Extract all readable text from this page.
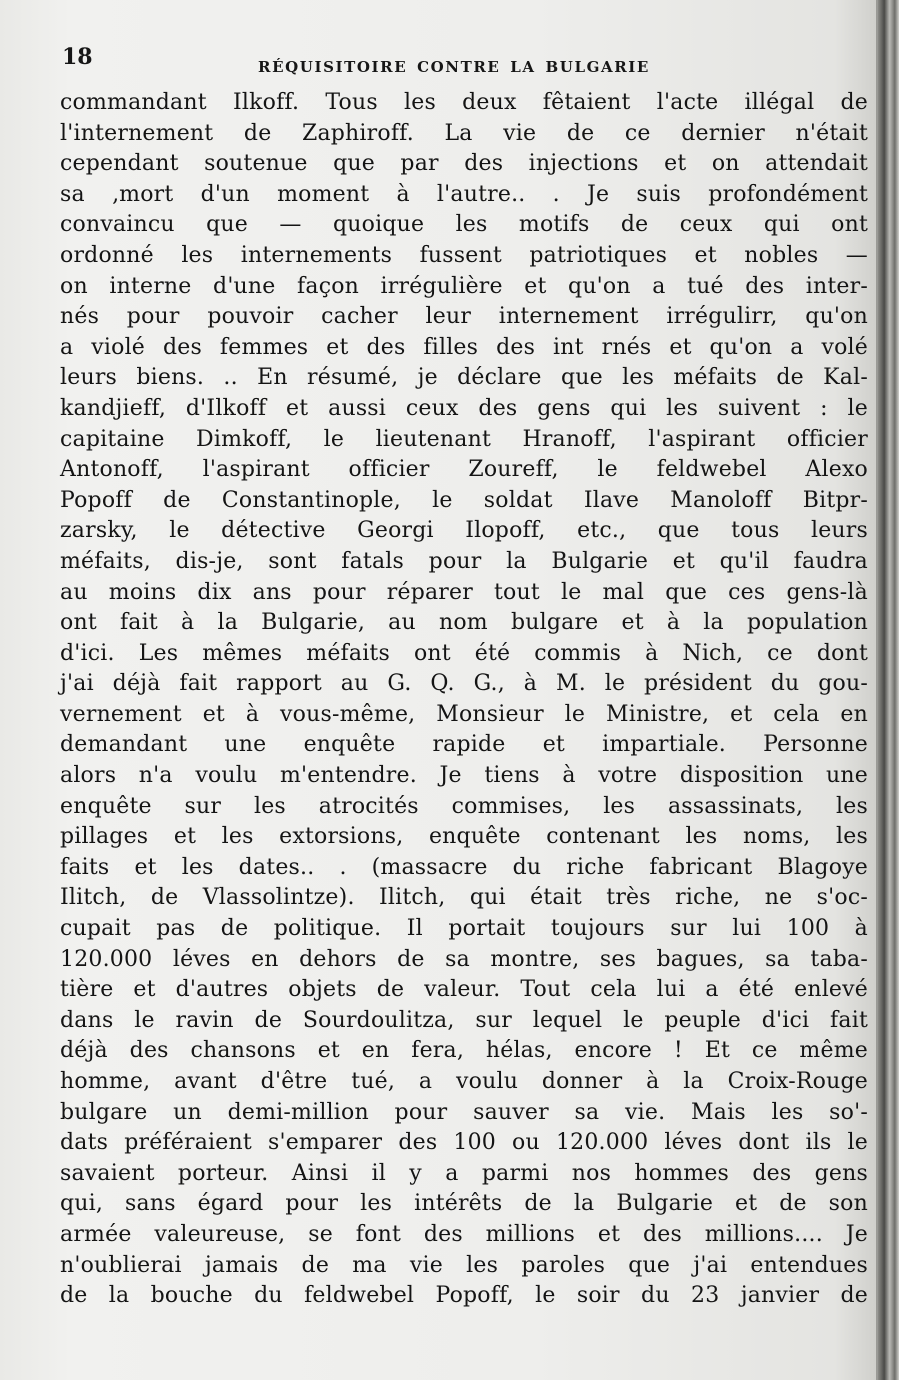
18	RÉQUISITOIRE CONTRE LA BULGARIE
commandant Ilkoff. Tous les deux fêtaient l'acte illégal de
l'internement de Zaphiroff. La vie de ce dernier n'était
cependant soutenue que par des injections et on attendait
sa ‚mort d'un moment à l'autre.. . Je suis profondément
convaincu que — quoique les motifs de ceux qui ont
ordonné les internements fussent patriotiques et nobles —
on interne d'une façon irrégulière et qu'on a tué des inter-
nés pour pouvoir cacher leur internement irrégulirr, qu'on
a violé des femmes et des filles des int rnés et qu'on a volé
leurs biens. .. En résumé, je déclare que les méfaits de Kal-
kandjieff, d'Ilkoff et aussi ceux des gens qui les suivent : le
capitaine Dimkoff, le lieutenant Hranoff, l'aspirant officier
Antonoff, l'aspirant officier Zoureff, le feldwebel Alexo
Popoff de Constantinople, le soldat Ilave Manoloff Bitpr-
zarsky, le détective Georgi Ilopoff, etc., que tous leurs
méfaits, dis-je, sont fatals pour la Bulgarie et qu'il faudra
au moins dix ans pour réparer tout le mal que ces gens-là
ont fait à la Bulgarie, au nom bulgare et à la population
d'ici. Les mêmes méfaits ont été commis à Nich, ce dont
j'ai déjà fait rapport au G. Q. G., à M. le président du gou-
vernement et à vous-même, Monsieur le Ministre, et cela en
demandant une enquête rapide et impartiale. Personne
alors n'a voulu m'entendre. Je tiens à votre disposition une
enquête sur les atrocités commises, les assassinats, les
pillages et les extorsions, enquête contenant les noms, les
faits et les dates.. . (massacre du riche fabricant Blagoye
Ilitch, de Vlassolintze). Ilitch, qui était très riche, ne s'oc-
cupait pas de politique. Il portait toujours sur lui 100 à
120.000 léves en dehors de sa montre, ses bagues, sa taba-
tière et d'autres objets de valeur. Tout cela lui a été enlevé
dans le ravin de Sourdoulitza, sur lequel le peuple d'ici fait
déjà des chansons et en fera, hélas, encore ! Et ce même
homme, avant d'être tué, a voulu donner à la Croix-Rouge
bulgare un demi-million pour sauver sa vie. Mais les so'-
dats préféraient s'emparer des 100 ou 120.000 léves dont ils le
savaient porteur. Ainsi il y a parmi nos hommes des gens
qui, sans égard pour les intérêts de la Bulgarie et de son
armée valeureuse, se font des millions et des millions.... Je
n'oublierai jamais de ma vie les paroles que j'ai entendues
de la bouche du feldwebel Popoff, le soir du 23 janvier de
